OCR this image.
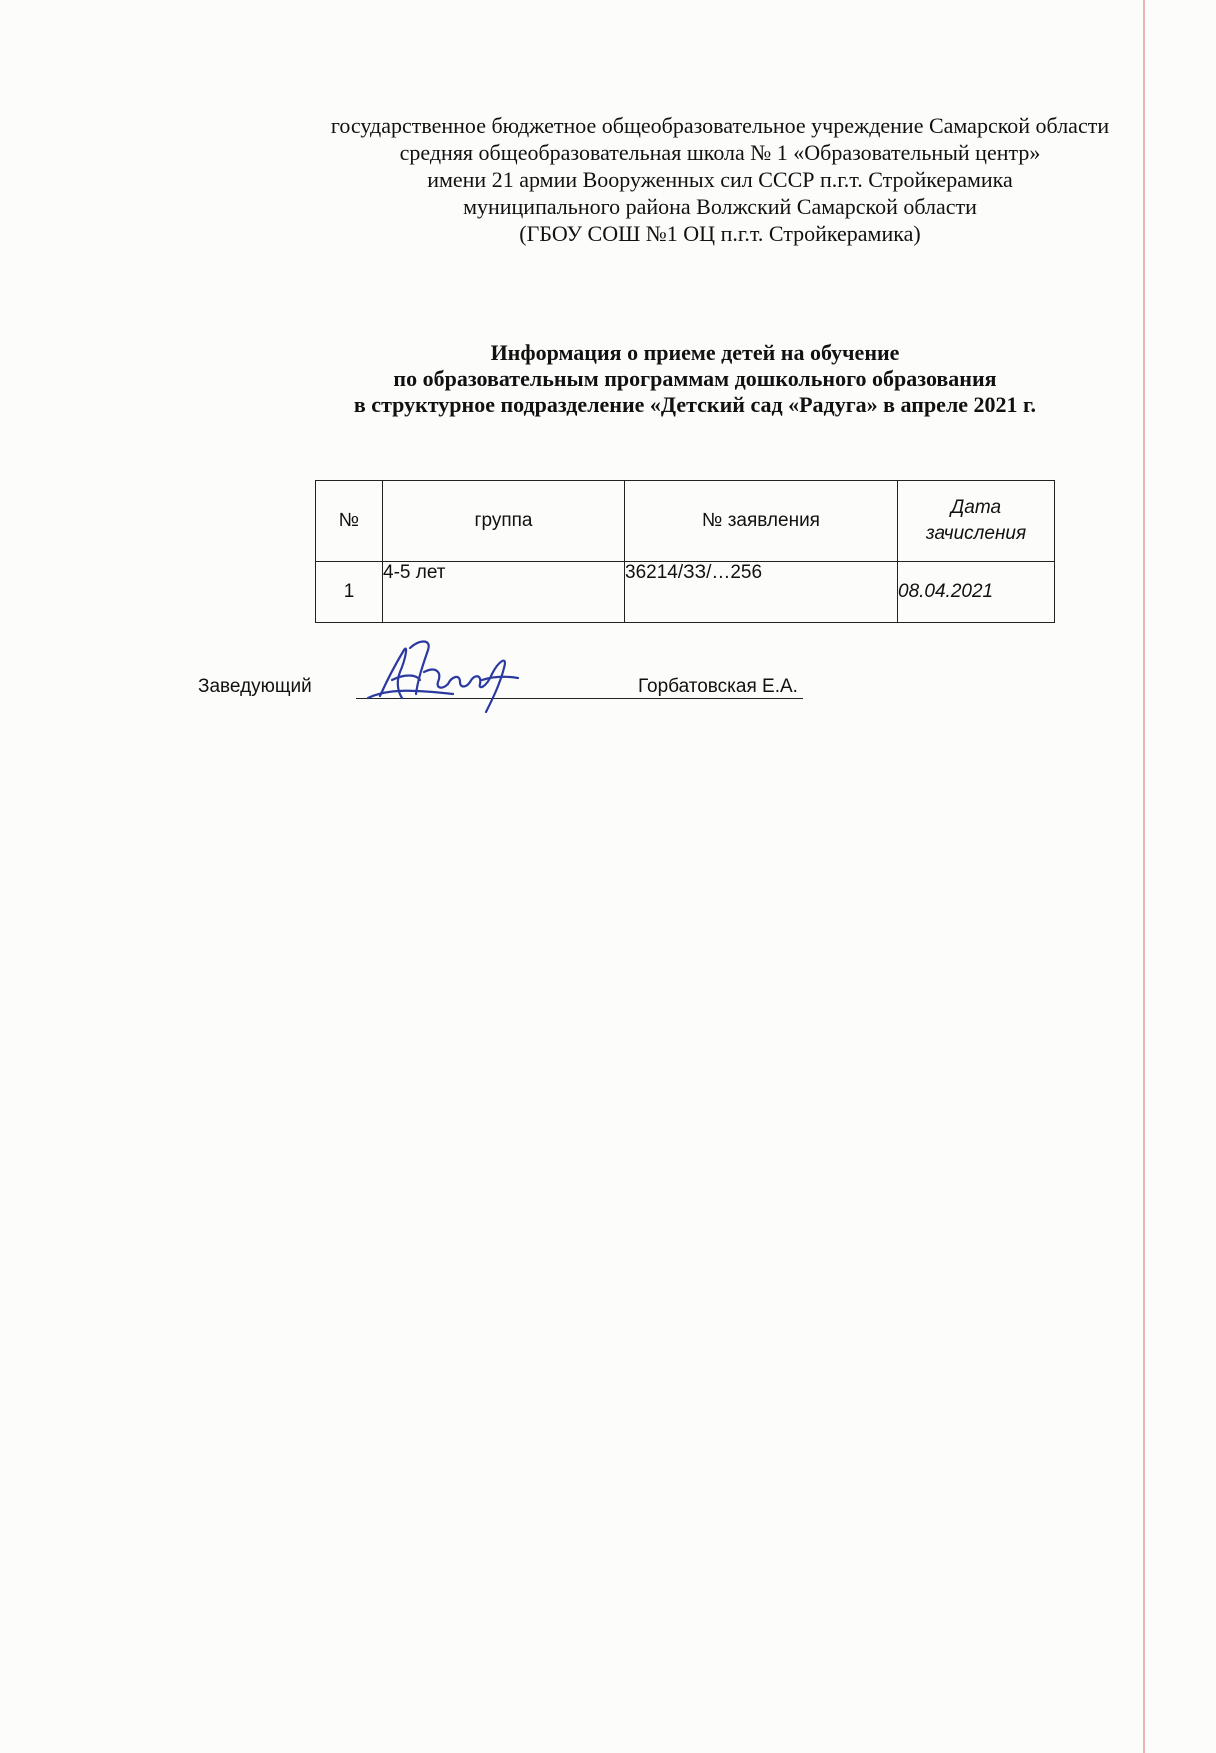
государственное бюджетное общеобразовательное учреждение Самарской области
средняя общеобразовательная школа № 1 «Образовательный центр»
имени 21 армии Вооруженных сил СССР п.г.т. Стройкерамика
муниципального района Волжский Самарской области
(ГБОУ СОШ №1 ОЦ п.г.т. Стройкерамика)
Информация о приеме детей на обучение
по образовательным программам дошкольного образования
в структурное подразделение «Детский сад «Радуга» в апреле 2021 г.
№	группа	№ заявления	Дата
зачисления
1	4-5 лет	36214/ЗЗ/…256	08.04.2021
Заведующий	Горбатовская Е.А.
